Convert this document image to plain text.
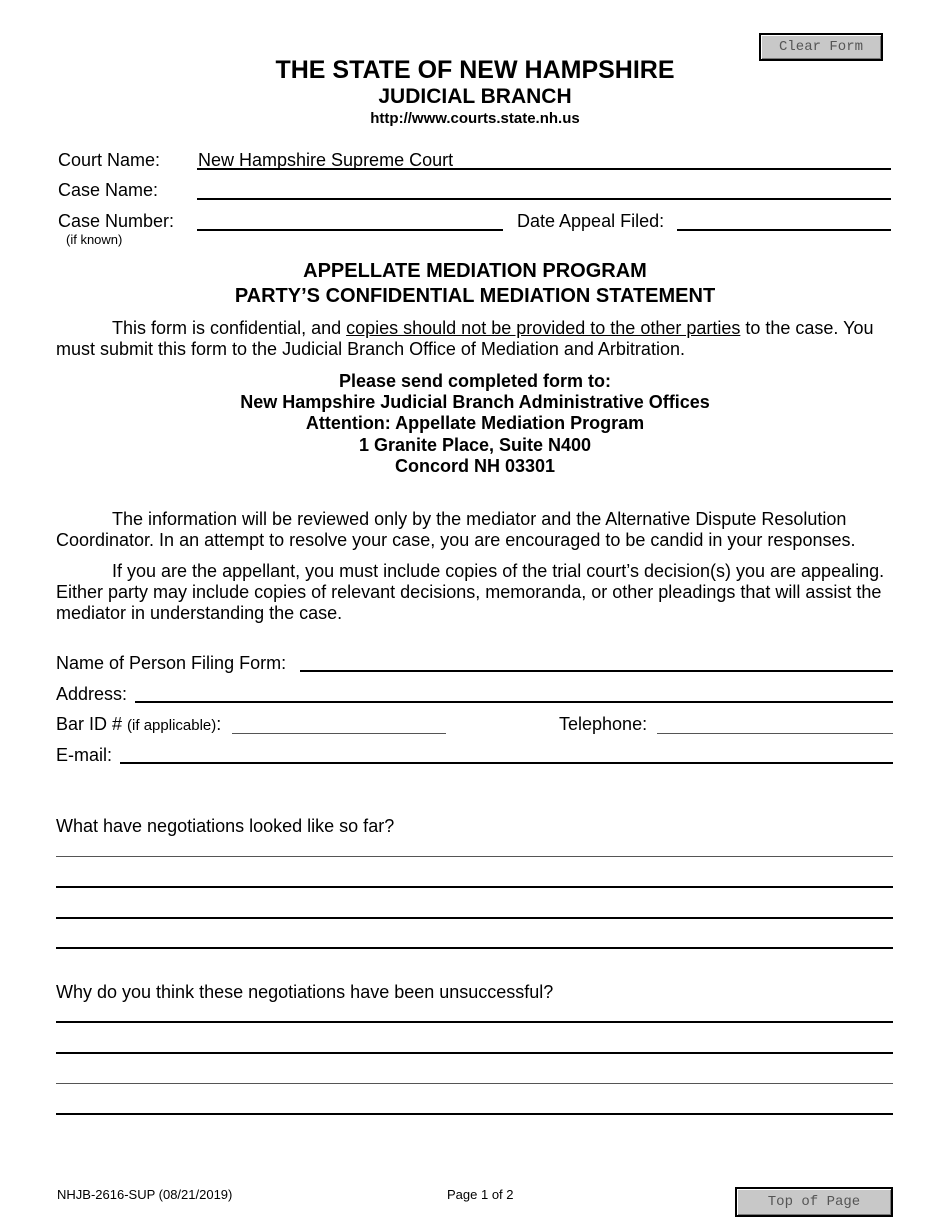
Clear Form
Top of Page
THE STATE OF NEW HAMPSHIRE
JUDICIAL BRANCH
http://www.courts.state.nh.us
Court Name: New Hampshire Supreme Court
Case Name:
Case Number:
(if known)
Date Appeal Filed:
APPELLATE MEDIATION PROGRAM
PARTY’S CONFIDENTIAL MEDIATION STATEMENT
This form is confidential, and copies should not be provided to the other parties to the case. You must submit this form to the Judicial Branch Office of Mediation and Arbitration.
Please send completed form to:
New Hampshire Judicial Branch Administrative Offices
Attention: Appellate Mediation Program
1 Granite Place, Suite N400
Concord NH 03301
The information will be reviewed only by the mediator and the Alternative Dispute Resolution Coordinator. In an attempt to resolve your case, you are encouraged to be candid in your responses.
If you are the appellant, you must include copies of the trial court’s decision(s) you are appealing. Either party may include copies of relevant decisions, memoranda, or other pleadings that will assist the mediator in understanding the case.
Name of Person Filing Form:
Address:
Bar ID # (if applicable):	Telephone:
E-mail:
What have negotiations looked like so far?
Why do you think these negotiations have been unsuccessful?
NHJB-2616-SUP (08/21/2019)	Page 1 of 2
